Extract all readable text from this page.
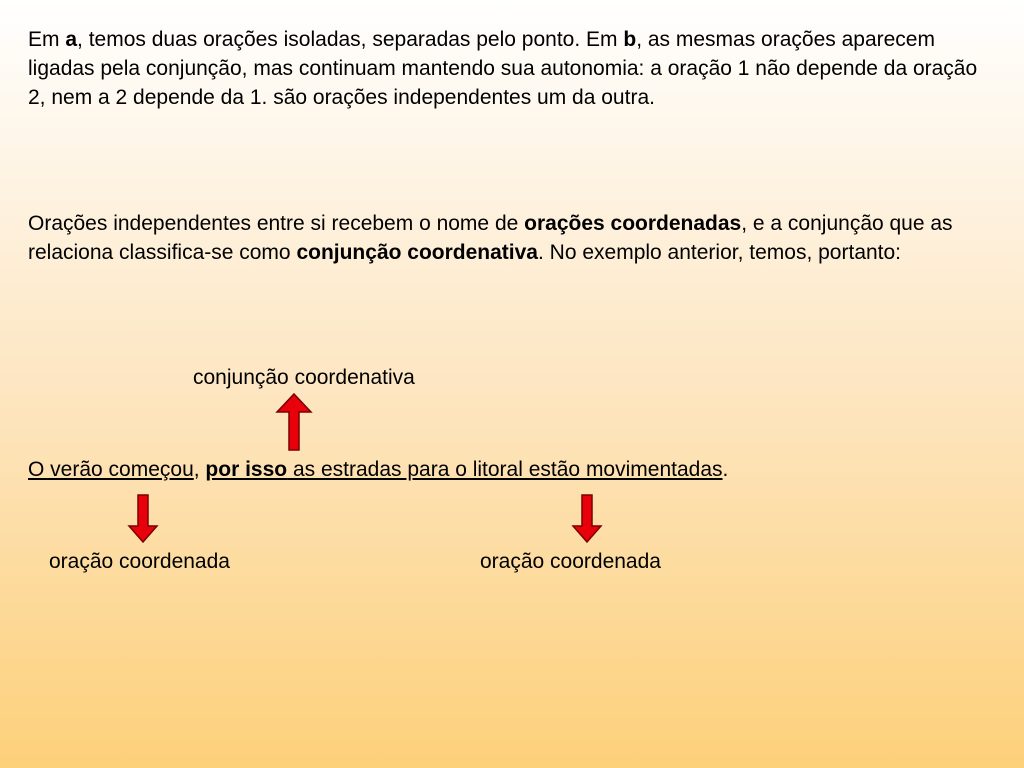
Em a, temos duas orações isoladas, separadas pelo ponto. Em b, as mesmas orações aparecem ligadas pela conjunção, mas continuam mantendo sua autonomia: a oração 1 não depende da oração 2, nem a 2 depende da 1. são orações independentes um da outra.

Orações independentes entre si recebem o nome de orações coordenadas, e a conjunção que as relaciona classifica-se como conjunção coordenativa. No exemplo anterior, temos, portanto:

conjunção coordenativa
O verão começou, por isso as estradas para o litoral estão movimentadas.
oração coordenada	oração coordenada
